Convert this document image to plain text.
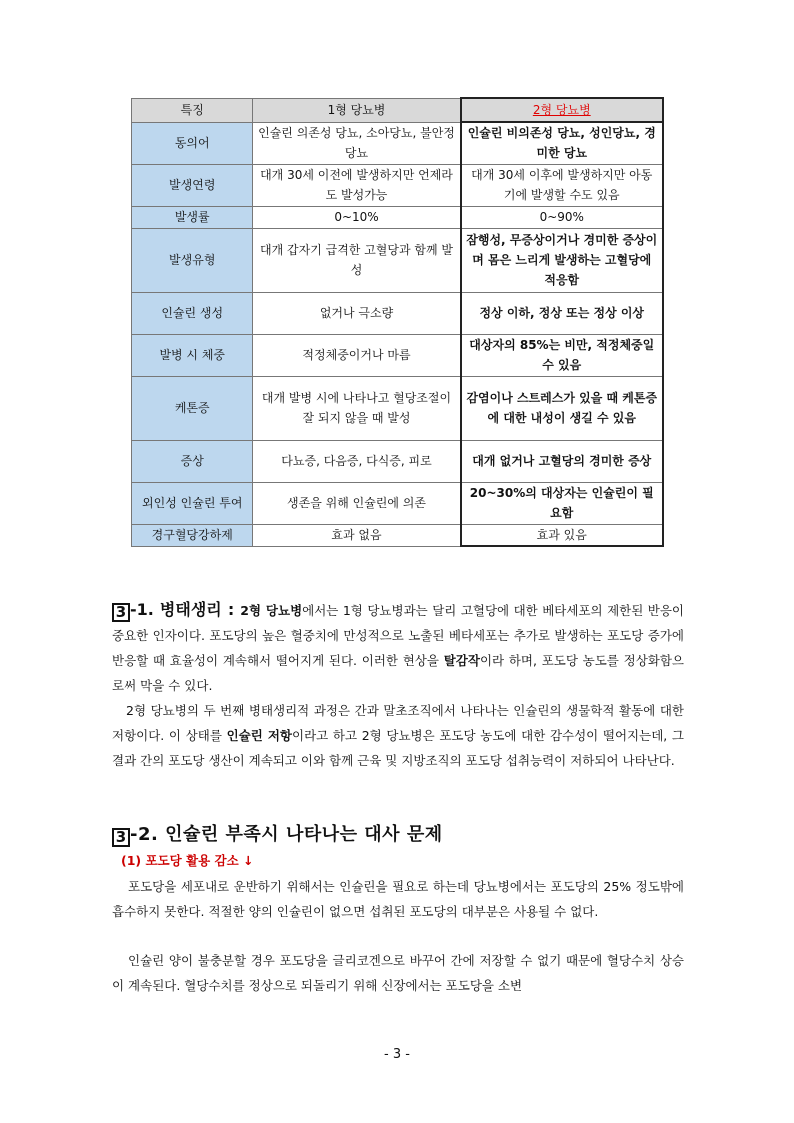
특징	1형 당뇨병	2형 당뇨병
동의어	인슐린 의존성 당뇨, 소아당뇨, 불안정 당뇨	인슐린 비의존성 당뇨, 성인당뇨, 경미한 당뇨
발생연령	대개 30세 이전에 발생하지만 언제라도 발성가능	대개 30세 이후에 발생하지만 아동기에 발생할 수도 있음
발생률	0~10%	0~90%
발생유형	대개 갑자기 급격한 고혈당과 함께 발성	잠행성, 무증상이거나 경미한 증상이며 몸은 느리게 발생하는 고혈당에 적응함
인슐린 생성	없거나 극소량	정상 이하, 정상 또는 정상 이상
발병 시 체중	적정체중이거나 마름	대상자의 85%는 비만, 적정체중일 수 있음
케톤증	대개 발병 시에 나타나고 혈당조절이 잘 되지 않을 때 발성	감염이나 스트레스가 있을 때 케톤증에 대한 내성이 생길 수 있음
증상	다뇨증, 다음증, 다식증, 피로	대개 없거나 고혈당의 경미한 증상
외인성 인슐린 투여	생존을 위해 인슐린에 의존	20~30%의 대상자는 인슐린이 필요함
경구혈당강하제	효과 없음	효과 있음

3 -1. 병태생리 : 2형 당뇨병에서는 1형 당뇨병과는 달리 고혈당에 대한 베타세포의 제한된 반응이 중요한 인자이다. 포도당의 높은 혈중치에 만성적으로 노출된 베타세포는 추가로 발생하는 포도당 증가에 반응할 때 효율성이 계속해서 떨어지게 된다. 이러한 현상을 탈감작이라 하며, 포도당 농도를 정상화함으로써 막을 수 있다.

2형 당뇨병의 두 번째 병태생리적 과정은 간과 말초조직에서 나타나는 인슐린의 생물학적 활동에 대한 저항이다. 이 상태를 인슐린 저항이라고 하고 2형 당뇨병은 포도당 농도에 대한 감수성이 떨어지는데, 그 결과 간의 포도당 생산이 계속되고 이와 함께 근육 및 지방조직의 포도당 섭취능력이 저하되어 나타난다.

3 -2. 인슐린 부족시 나타나는 대사 문제
(1) 포도당 활용 감소 ↓

포도당을 세포내로 운반하기 위해서는 인슐린을 필요로 하는데 당뇨병에서는 포도당의 25% 정도밖에 흡수하지 못한다. 적절한 양의 인슐린이 없으면 섭취된 포도당의 대부분은 사용될 수 없다.

인슐린 양이 불충분할 경우 포도당을 글리코겐으로 바꾸어 간에 저장할 수 없기 때문에 혈당수치 상승이 계속된다. 혈당수치를 정상으로 되돌리기 위해 신장에서는 포도당을 소변

- 3 -
